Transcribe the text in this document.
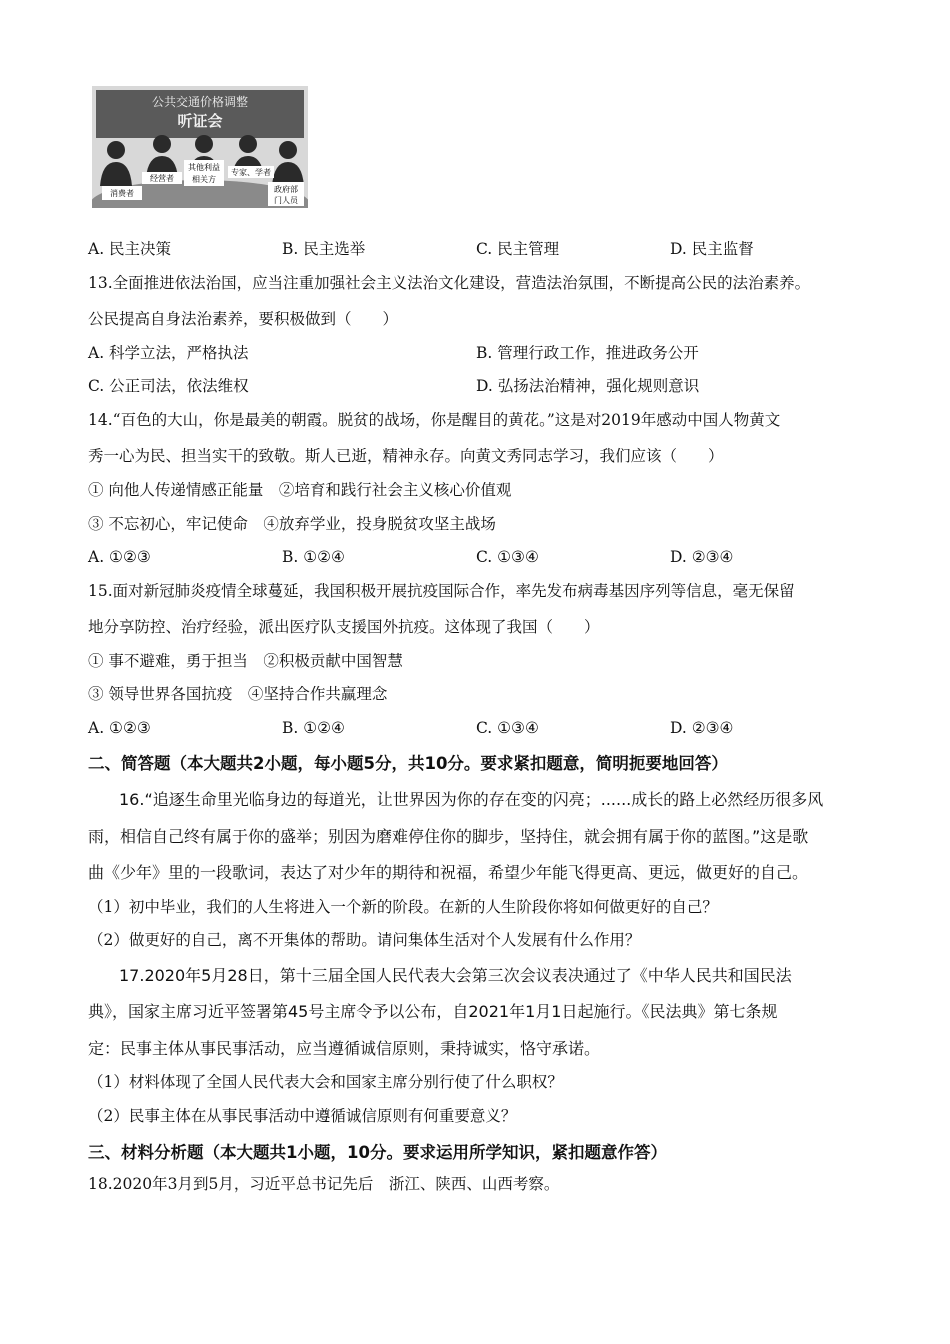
公共交通价格调整
听证会
消费者
经营者
其他利益
相关方
专家、学者
政府部
门人员
A. 民主决策	B. 民主选举	C. 民主管理	D. 民主监督
13.全面推进依法治国，应当注重加强社会主义法治文化建设，营造法治氛围，不断提高公民的法治素养。
公民提高自身法治素养，要积极做到（　　）
A. 科学立法，严格执法	B. 管理行政工作，推进政务公开
C. 公正司法，依法维权	D. 弘扬法治精神，强化规则意识
14.“百色的大山，你是最美的朝霞。脱贫的战场，你是醒目的黄花。”这是对2019年感动中国人物黄文
秀一心为民、担当实干的致敬。斯人已逝，精神永存。向黄文秀同志学习，我们应该（　　）
① 向他人传递情感正能量　②培育和践行社会主义核心价值观
③ 不忘初心，牢记使命　④放弃学业，投身脱贫攻坚主战场
A. ①②③	B. ①②④	C. ①③④	D. ②③④
15.面对新冠肺炎疫情全球蔓延，我国积极开展抗疫国际合作，率先发布病毒基因序列等信息，毫无保留
地分享防控、治疗经验，派出医疗队支援国外抗疫。这体现了我国（　　）
① 事不避难，勇于担当　②积极贡献中国智慧
③ 领导世界各国抗疫　④坚持合作共赢理念
A. ①②③	B. ①②④	C. ①③④	D. ②③④
二、简答题（本大题共2小题，每小题5分，共10分。要求紧扣题意，简明扼要地回答）
16.“追逐生命里光临身边的每道光，让世界因为你的存在变的闪亮；......成长的路上必然经历很多风
雨，相信自己终有属于你的盛举；别因为磨难停住你的脚步，坚持住，就会拥有属于你的蓝图。”这是歌
曲《少年》里的一段歌词，表达了对少年的期待和祝福，希望少年能飞得更高、更远，做更好的自己。
（1）初中毕业，我们的人生将进入一个新的阶段。在新的人生阶段你将如何做更好的自己？
（2）做更好的自己，离不开集体的帮助。请问集体生活对个人发展有什么作用？
17.2020年5月28日，第十三届全国人民代表大会第三次会议表决通过了《中华人民共和国民法
典》，国家主席习近平签署第45号主席令予以公布，自2021年1月1日起施行。《民法典》第七条规
定：民事主体从事民事活动，应当遵循诚信原则，秉持诚实，恪守承诺。
（1）材料体现了全国人民代表大会和国家主席分别行使了什么职权？
（2）民事主体在从事民事活动中遵循诚信原则有何重要意义？
三、材料分析题（本大题共1小题，10分。要求运用所学知识，紧扣题意作答）
18.2020年3月到5月，习近平总书记先后　浙江、陕西、山西考察。
